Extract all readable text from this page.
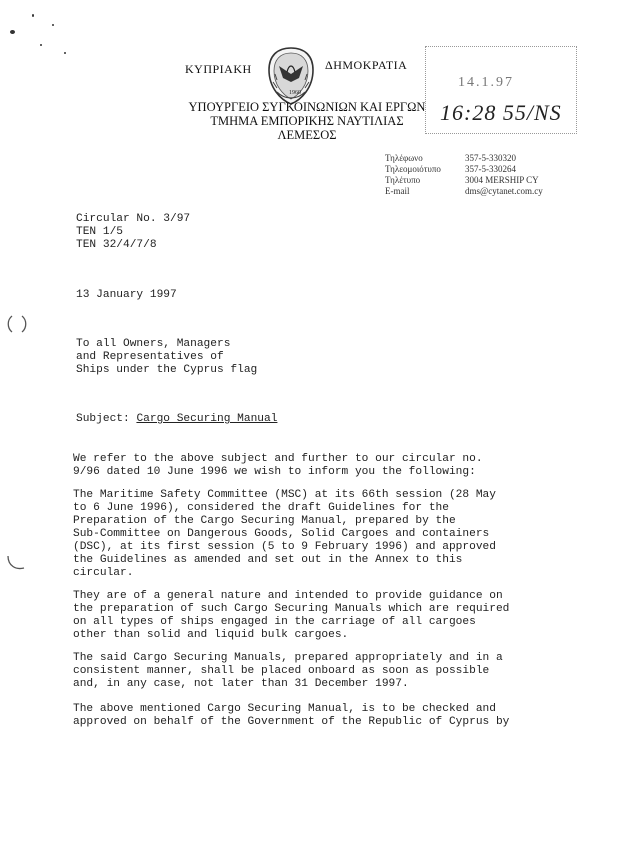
ΚΥΠΡΙΑΚΗ
1960
ΔΗΜΟΚΡΑΤΙΑ
ΥΠΟΥΡΓΕΙΟ ΣΥΓΚΟΙΝΩΝΙΩΝ ΚΑΙ ΕΡΓΩΝ
ΤΜΗΜΑ ΕΜΠΟΡΙΚΗΣ ΝΑΥΤΙΛΙΑΣ
ΛΕΜΕΣΟΣ
14.1.97
16:28 55/NS
Τηλέφωνο	357-5-330320
Τηλεομοιότυπο	357-5-330264
Τηλέτυπο	3004 MERSHIP CY
E-mail	dms@cytanet.com.cy
Circular No. 3/97
TEN 1/5
TEN 32/4/7/8
13 January 1997
To all Owners, Managers
and Representatives of
Ships under the Cyprus flag
Subject: Cargo Securing Manual
We refer to the above subject and further to our circular no.
9/96 dated 10 June 1996 we wish to inform you the following:
The Maritime Safety Committee (MSC) at its 66th session (28 May
to 6 June 1996), considered the draft Guidelines for the
Preparation of the Cargo Securing Manual, prepared by the
Sub-Committee on Dangerous Goods, Solid Cargoes and containers
(DSC), at its first session (5 to 9 February 1996) and approved
the Guidelines as amended and set out in the Annex to this
circular.
They are of a general nature and intended to provide guidance on
the preparation of such Cargo Securing Manuals which are required
on all types of ships engaged in the carriage of all cargoes
other than solid and liquid bulk cargoes.
The said Cargo Securing Manuals, prepared appropriately and in a
consistent manner, shall be placed onboard as soon as possible
and, in any case, not later than 31 December 1997.
The above mentioned Cargo Securing Manual, is to be checked and
approved on behalf of the Government of the Republic of Cyprus by
